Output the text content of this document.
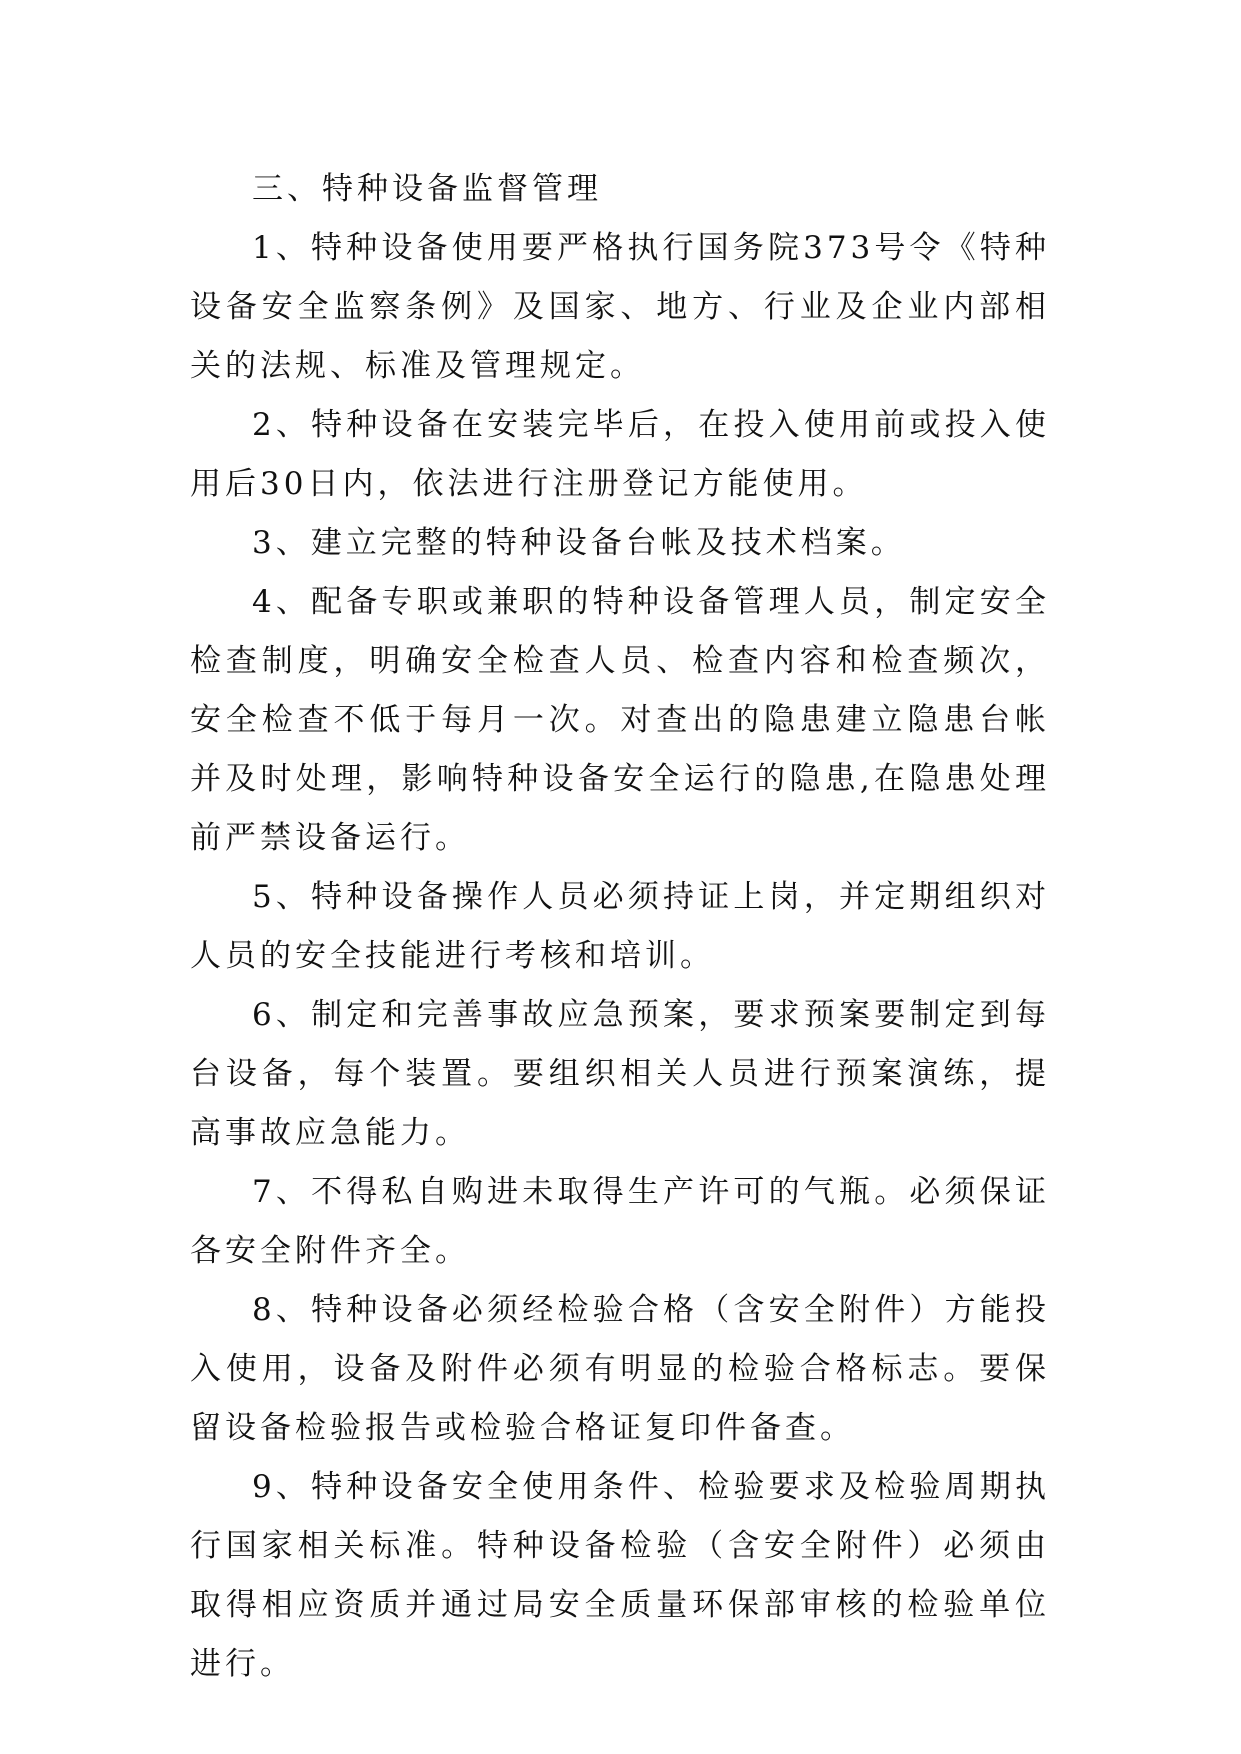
三、特种设备监督管理

1、特种设备使用要严格执行国务院373号令《特种设备安全监察条例》及国家、地方、行业及企业内部相关的法规、标准及管理规定。

2、特种设备在安装完毕后，在投入使用前或投入使用后30日内，依法进行注册登记方能使用。

3、建立完整的特种设备台帐及技术档案。

4、配备专职或兼职的特种设备管理人员，制定安全检查制度，明确安全检查人员、检查内容和检查频次，安全检查不低于每月一次。对查出的隐患建立隐患台帐并及时处理，影响特种设备安全运行的隐患,在隐患处理前严禁设备运行。

5、特种设备操作人员必须持证上岗，并定期组织对人员的安全技能进行考核和培训。

6、制定和完善事故应急预案，要求预案要制定到每台设备，每个装置。要组织相关人员进行预案演练，提高事故应急能力。

7、不得私自购进未取得生产许可的气瓶。必须保证各安全附件齐全。

8、特种设备必须经检验合格（含安全附件）方能投入使用，设备及附件必须有明显的检验合格标志。要保留设备检验报告或检验合格证复印件备查。

9、特种设备安全使用条件、检验要求及检验周期执行国家相关标准。特种设备检验（含安全附件）必须由取得相应资质并通过局安全质量环保部审核的检验单位进行。
